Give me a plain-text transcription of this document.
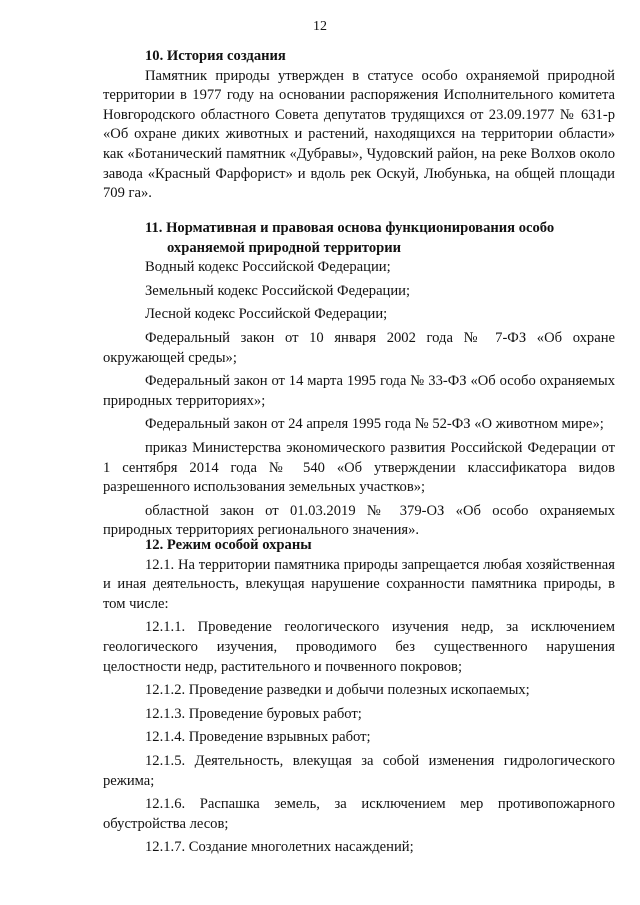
12

10. История создания

Памятник природы утвержден в статусе особо охраняемой природной территории в 1977 году на основании распоряжения Исполнительного комитета Новгородского областного Совета депутатов трудящихся от 23.09.1977 № 631-р «Об охране диких животных и растений, находящихся на территории области» как «Ботанический памятник «Дубравы», Чудовский район, на реке Волхов около завода «Красный Фарфорист» и вдоль рек Оскуй, Любунька, на общей площади 709 га».

11. Нормативная и правовая основа функционирования особо
охраняемой природной территории

Водный кодекс Российской Федерации;

Земельный кодекс Российской Федерации;

Лесной кодекс Российской Федерации;

Федеральный закон от 10 января 2002 года № 7-ФЗ «Об охране окружающей среды»;

Федеральный закон от 14 марта 1995 года № 33-ФЗ «Об особо охраняемых природных территориях»;

Федеральный закон от 24 апреля 1995 года № 52-ФЗ «О животном мире»;

приказ Министерства экономического развития Российской Федерации от 1 сентября 2014 года № 540 «Об утверждении классификатора видов разрешенного использования земельных участков»;

областной закон от 01.03.2019 № 379-ОЗ «Об особо охраняемых природных территориях регионального значения».

12. Режим особой охраны

12.1. На территории памятника природы запрещается любая хозяйственная и иная деятельность, влекущая нарушение сохранности памятника природы, в том числе:

12.1.1. Проведение геологического изучения недр, за исключением геологического изучения, проводимого без существенного нарушения целостности недр, растительного и почвенного покровов;

12.1.2. Проведение разведки и добычи полезных ископаемых;

12.1.3. Проведение буровых работ;

12.1.4. Проведение взрывных работ;

12.1.5. Деятельность, влекущая за собой изменения гидрологического режима;

12.1.6. Распашка земель, за исключением мер противопожарного обустройства лесов;

12.1.7. Создание многолетних насаждений;
